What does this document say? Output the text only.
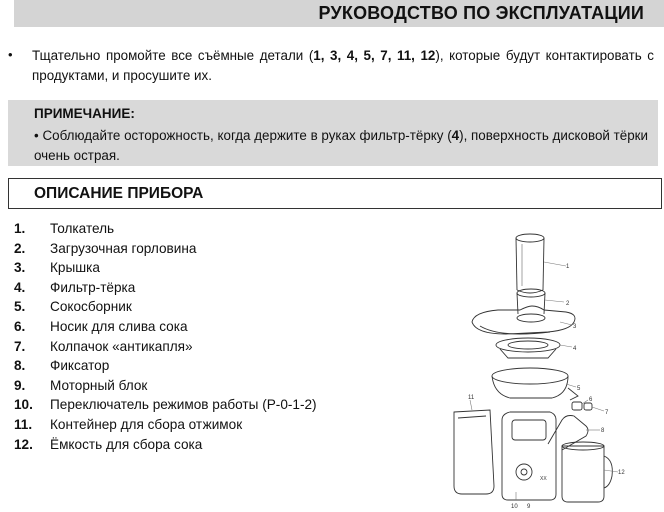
РУКОВОДСТВО ПО ЭКСПЛУАТАЦИИ
• Тщательно промойте все съёмные детали (1, 3, 4, 5, 7, 11, 12), которые будут контактировать с продуктами, и просушите их.
ПРИМЕЧАНИЕ:
• Соблюдайте осторожность, когда держите в руках фильтр-тёрку (4), поверхность дисковой тёрки очень острая.
ОПИСАНИЕ ПРИБОРА
1. Толкатель
2. Загрузочная горловина
3. Крышка
4. Фильтр-тёрка
5. Сокосборник
6. Носик для слива сока
7. Колпачок «антикапля»
8. Фиксатор
9. Моторный блок
10. Переключатель режимов работы (P-0-1-2)
11. Контейнер для сбора отжимок
12. Ёмкость для сбора сока
XX
1
2
3
4
5
6
7
8
9
10
11
12
